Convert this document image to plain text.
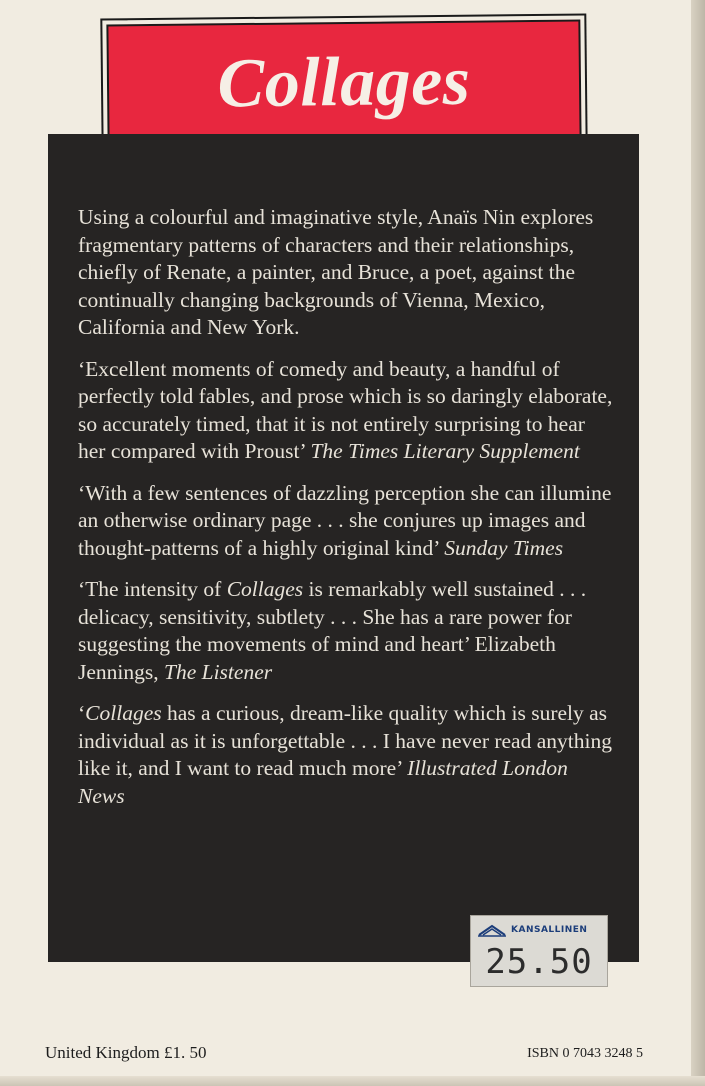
Collages

Using a colourful and imaginative style, Anaïs Nin explores fragmentary patterns of characters and their relationships, chiefly of Renate, a painter, and Bruce, a poet, against the continually changing backgrounds of Vienna, Mexico, California and New York.

‘Excellent moments of comedy and beauty, a handful of perfectly told fables, and prose which is so daringly elaborate, so accurately timed, that it is not entirely surprising to hear her compared with Proust’ The Times Literary Supplement

‘With a few sentences of dazzling perception she can illumine an otherwise ordinary page . . . she conjures up images and thought-patterns of a highly original kind’ Sunday Times

‘The intensity of Collages is remarkably well sustained . . . delicacy, sensitivity, subtlety . . . She has a rare power for suggesting the movements of mind and heart’ Elizabeth Jennings, The Listener

‘Collages has a curious, dream-like quality which is surely as individual as it is unforgettable . . . I have never read anything like it, and I want to read much more’ Illustrated London News

KANSALLINEN
25.50
United Kingdom £1. 50	ISBN 0 7043 3248 5
